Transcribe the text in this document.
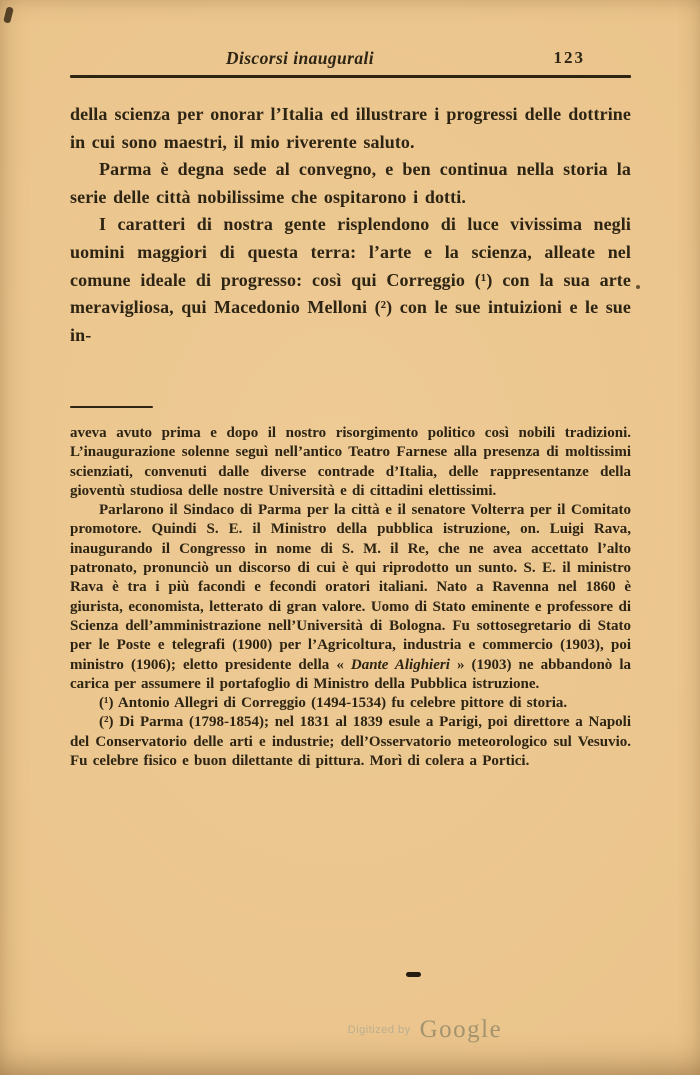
Discorsi inaugurali	123

della scienza per onorar l’Italia ed illustrare i progressi delle dottrine in cui sono maestri, il mio riverente saluto.

Parma è degna sede al convegno, e ben continua nella storia la serie delle città nobilissime che ospitarono i dotti.

I caratteri di nostra gente risplendono di luce vivissima negli uomini maggiori di questa terra: l’arte e la scienza, alleate nel comune ideale di progresso: così qui Correggio (¹) con la sua arte meravigliosa, qui Macedonio Melloni (²) con le sue intuizioni e le sue in-

aveva avuto prima e dopo il nostro risorgimento politico così nobili tradizioni. L’inaugurazione solenne seguì nell’antico Teatro Farnese alla presenza di moltissimi scienziati, convenuti dalle diverse contrade d’Italia, delle rappresentanze della gioventù studiosa delle nostre Università e di cittadini elettissimi.

Parlarono il Sindaco di Parma per la città e il senatore Volterra per il Comitato promotore. Quindi S. E. il Ministro della pubblica istruzione, on. Luigi Rava, inaugurando il Congresso in nome di S. M. il Re, che ne avea accettato l’alto patronato, pronunciò un discorso di cui è qui riprodotto un sunto. S. E. il ministro Rava è tra i più facondi e fecondi oratori italiani. Nato a Ravenna nel 1860 è giurista, economista, letterato di gran valore. Uomo di Stato eminente e professore di Scienza dell’amministrazione nell’Università di Bologna. Fu sottosegretario di Stato per le Poste e telegrafi (1900) per l’Agricoltura, industria e commercio (1903), poi ministro (1906); eletto presidente della « Dante Alighieri » (1903) ne abbandonò la carica per assumere il portafoglio di Ministro della Pubblica istruzione.

(¹) Antonio Allegri di Correggio (1494-1534) fu celebre pittore di storia.

(²) Di Parma (1798-1854); nel 1831 al 1839 esule a Parigi, poi direttore a Napoli del Conservatorio delle arti e industrie; dell’Osservatorio meteorologico sul Vesuvio. Fu celebre fisico e buon dilettante di pittura. Morì di colera a Portici.

$^{Digitized by}$ Google
